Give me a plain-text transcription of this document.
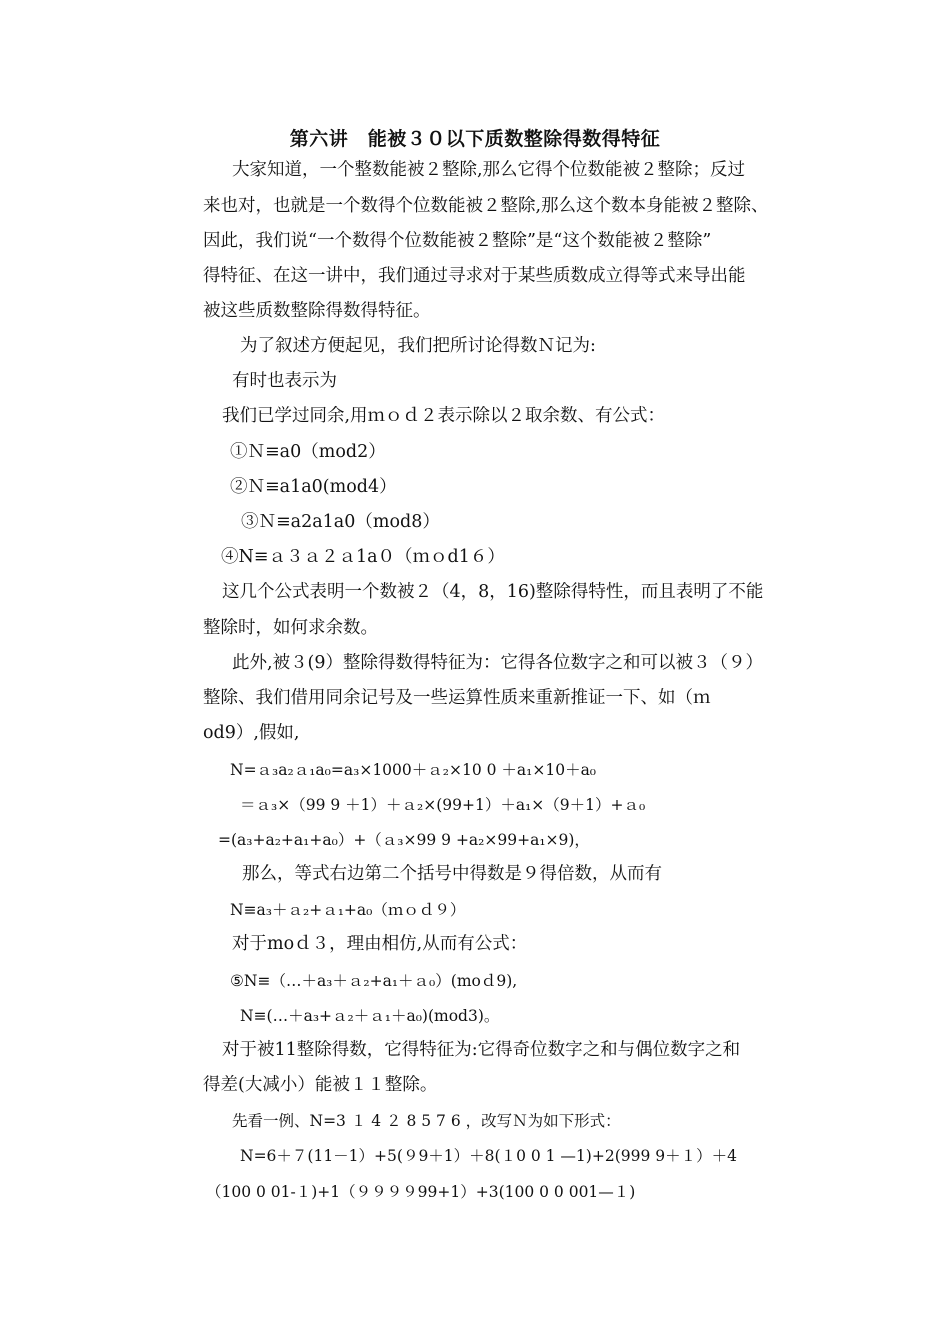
第六讲　能被３０以下质数整除得数得特征
大家知道，一个整数能被２整除,那么它得个位数能被２整除；反过
来也对，也就是一个数得个位数能被２整除,那么这个数本身能被２整除、
因此，我们说“一个数得个位数能被２整除”是“这个数能被２整除”
得特征、在这一讲中，我们通过寻求对于某些质数成立得等式来导出能
被这些质数整除得数得特征。
为了叙述方便起见，我们把所讨论得数Ｎ记为:
有时也表示为
我们已学过同余,用ｍｏｄ２表示除以２取余数、有公式：
①Ｎ≡a0（mod2）
②Ｎ≡a1a0(mod4）
③Ｎ≡a2a1a0（mod8）
④N≡ａ３ａ２ａ1a０（ｍｏd1６）
这几个公式表明一个数被２（4，8，16)整除得特性，而且表明了不能
整除时，如何求余数。
此外,被３(9）整除得数得特征为：它得各位数字之和可以被３（９）
整除、我们借用同余记号及一些运算性质来重新推证一下、如（ｍ
od9）,假如,
N=ａ₃a₂ａ₁a₀=a₃×1000＋ａ₂×10 0 ＋a₁×10＋a₀
＝ａ₃×（99 9 ＋1）＋ａ₂×(99+1）＋a₁×（9＋1）+ａ₀
=(a₃+a₂+a₁+a₀）+（ａ₃×99 9 +a₂×99+a₁×9)，
那么，等式右边第二个括号中得数是９得倍数，从而有
N≡a₃＋ａ₂+ａ₁+a₀（ｍｏｄ９）
对于moｄ３，理由相仿,从而有公式：
⑤N≡（…＋a₃＋ａ₂+a₁＋ａ₀）(moｄ9),
N≡(…＋a₃+ａ₂＋ａ₁＋a₀)(mod3)。
对于被11整除得数，它得特征为:它得奇位数字之和与偶位数字之和
得差(大减小）能被１１整除。
先看一例、N=3 １ 4 ２ 8 5 7 6 ，改写Ｎ为如下形式：
N=6＋７(11－1）+5(９9＋1）＋8(１0 0 1 —1)+2(999 9＋１）＋4
（100 0 01-１)+1（９９９９99+1）+3(100 0 0 001—１)
